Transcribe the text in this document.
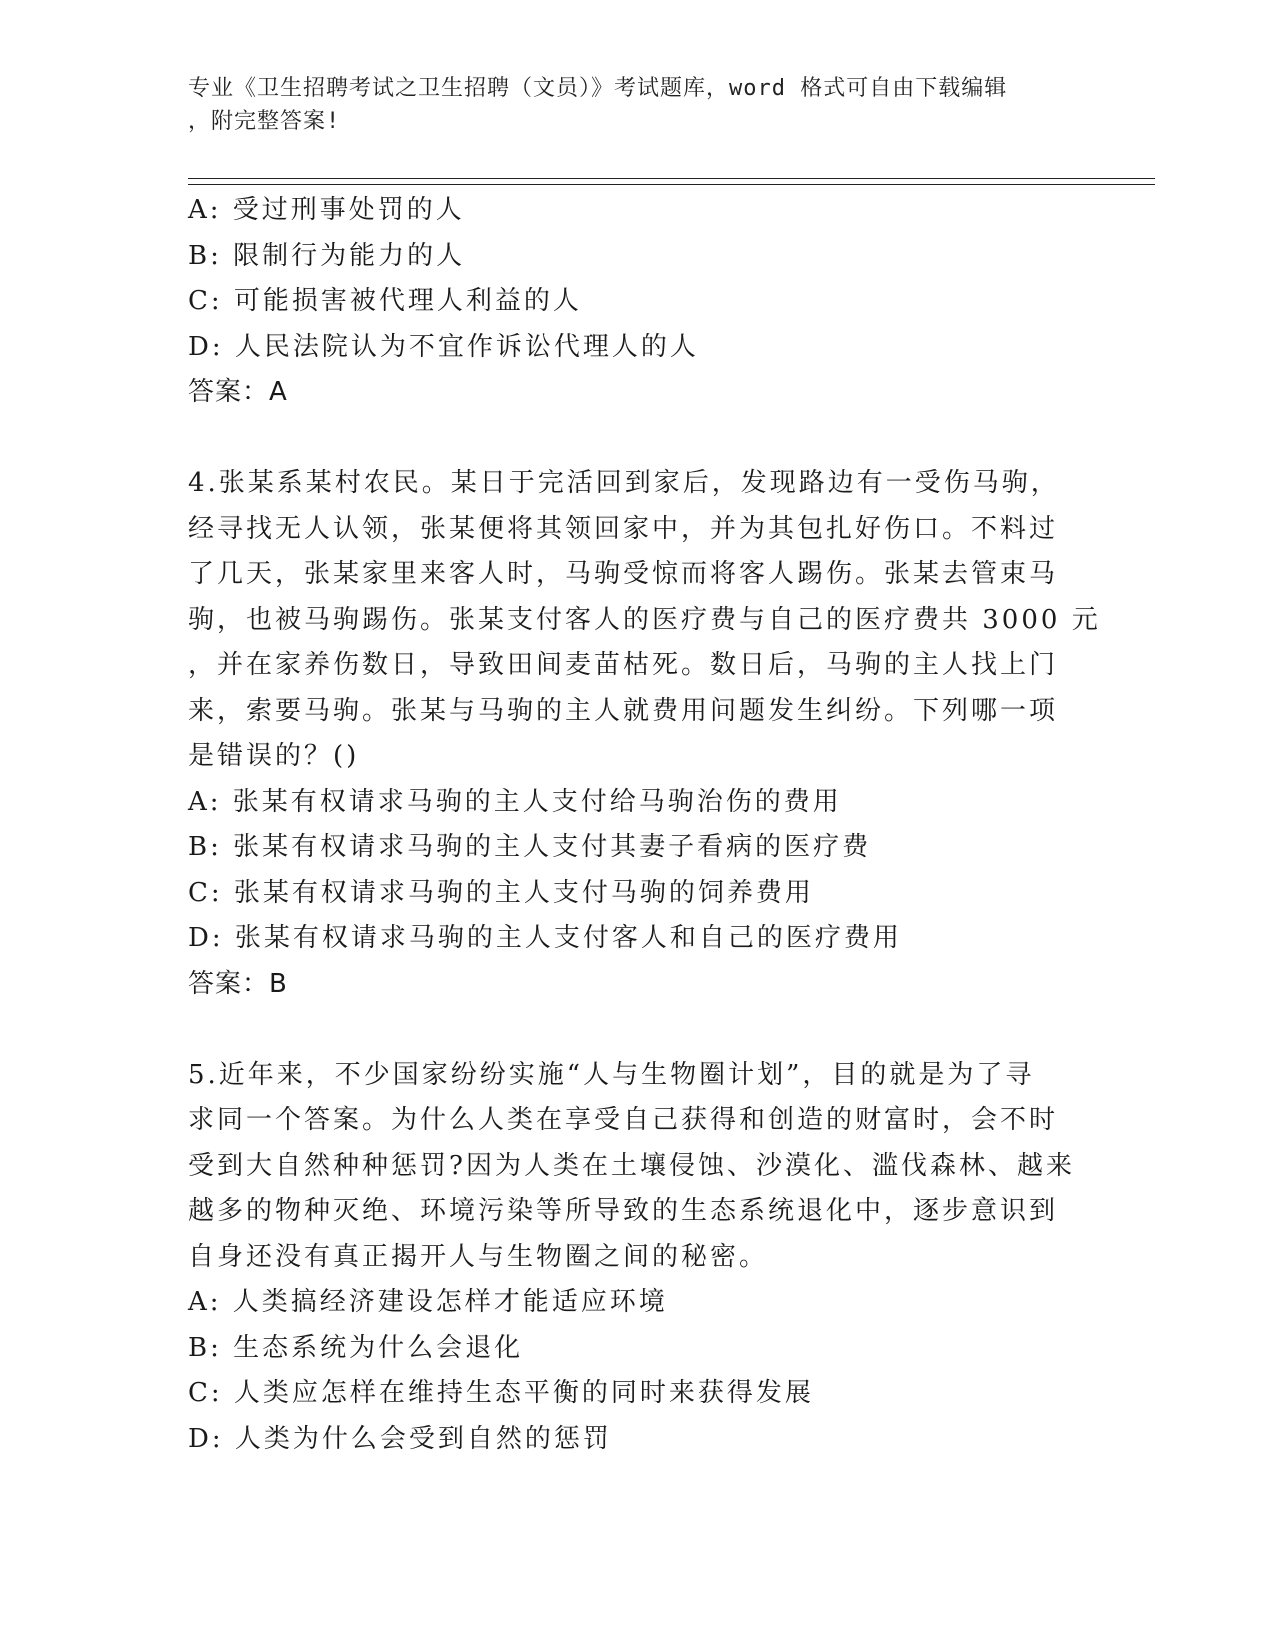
专业《卫生招聘考试之卫生招聘（文员）》考试题库，word 格式可自由下载编辑
，附完整答案!
A: 受过刑事处罚的人
B: 限制行为能力的人
C: 可能损害被代理人利益的人
D: 人民法院认为不宜作诉讼代理人的人
答案：A
4.张某系某村农民。某日于完活回到家后，发现路边有一受伤马驹，
经寻找无人认领，张某便将其领回家中，并为其包扎好伤口。不料过
了几天，张某家里来客人时，马驹受惊而将客人踢伤。张某去管束马
驹，也被马驹踢伤。张某支付客人的医疗费与自己的医疗费共 3000 元
，并在家养伤数日，导致田间麦苗枯死。数日后，马驹的主人找上门
来，索要马驹。张某与马驹的主人就费用问题发生纠纷。下列哪一项
是错误的？()
A: 张某有权请求马驹的主人支付给马驹治伤的费用
B: 张某有权请求马驹的主人支付其妻子看病的医疗费
C: 张某有权请求马驹的主人支付马驹的饲养费用
D: 张某有权请求马驹的主人支付客人和自己的医疗费用
答案：B
5.近年来，不少国家纷纷实施“人与生物圈计划”，目的就是为了寻
求同一个答案。为什么人类在享受自己获得和创造的财富时，会不时
受到大自然种种惩罚?因为人类在土壤侵蚀、沙漠化、滥伐森林、越来
越多的物种灭绝、环境污染等所导致的生态系统退化中，逐步意识到
自身还没有真正揭开人与生物圈之间的秘密。
A: 人类搞经济建设怎样才能适应环境
B: 生态系统为什么会退化
C: 人类应怎样在维持生态平衡的同时来获得发展
D: 人类为什么会受到自然的惩罚
